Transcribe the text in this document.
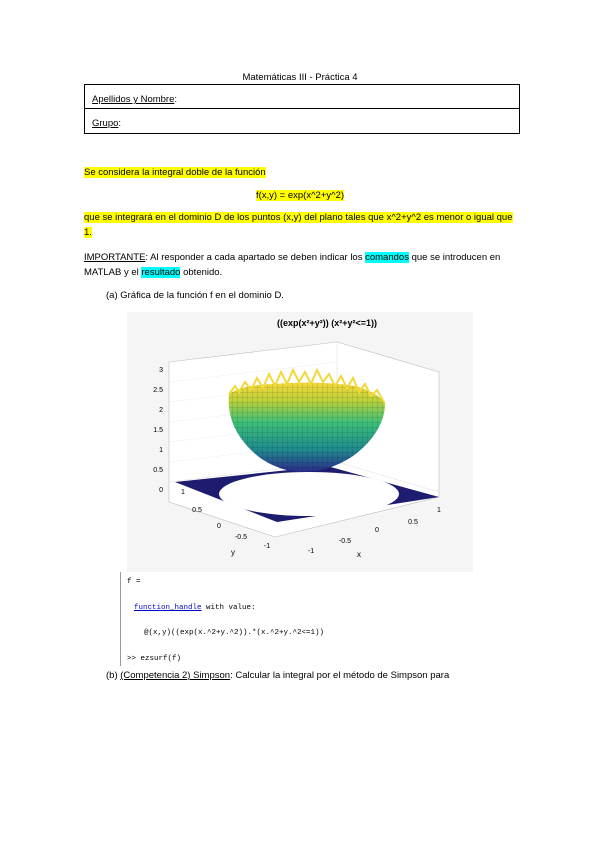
Matemáticas III - Práctica 4
Apellidos y Nombre:
Grupo:
Se considera la integral doble de la función
f(x,y) = exp(x^2+y^2)
que se integrará en el dominio D de los puntos (x,y) del plano tales que x^2+y^2 es menor o igual que 1.
IMPORTANTE: Al responder a cada apartado se deben indicar los comandos que se introducen en MATLAB y el resultado obtenido.
(a) Gráfica de la función f en el dominio D.
((exp(x²+y²)) (x²+y²<=1))
3
2.5
2
1.5
1
0.5
0	1
0.5
0
-0.5
-1
y
1
0.5
0
-0.5
-1	x
f =
function_handle with value:
@(x,y)((exp(x.^2+y.^2)).*(x.^2+y.^2<=1))
>> ezsurf(f)
(b) (Competencia 2) Simpson: Calcular la integral por el método de Simpson para
